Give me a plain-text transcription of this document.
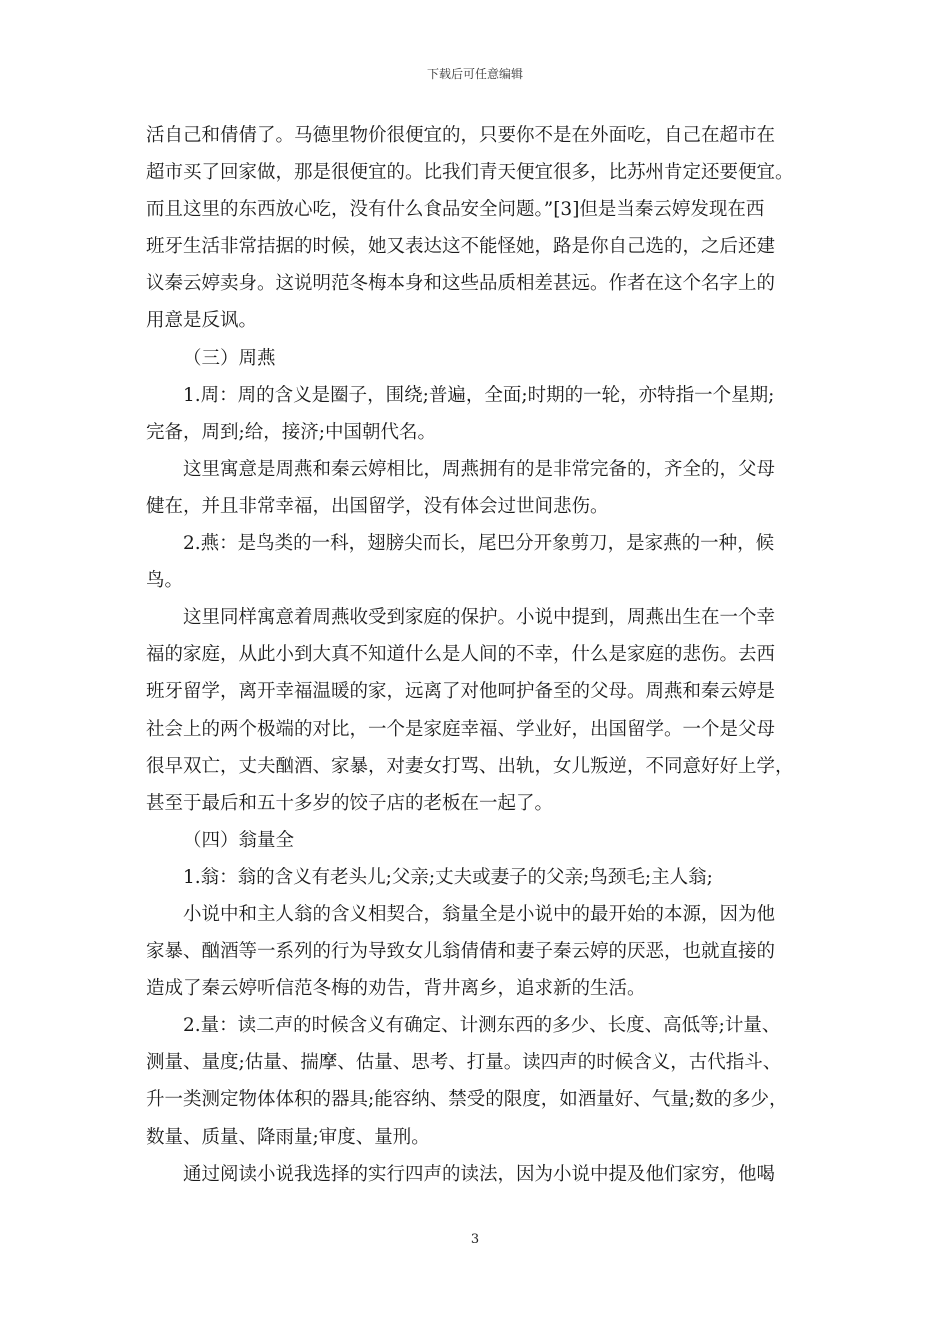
下载后可任意编辑
活自己和倩倩了。马德里物价很便宜的，只要你不是在外面吃，自己在超市在
超市买了回家做，那是很便宜的。比我们青天便宜很多，比苏州肯定还要便宜。
而且这里的东西放心吃，没有什么食品安全问题。”[3]但是当秦云婷发现在西
班牙生活非常拮据的时候，她又表达这不能怪她，路是你自己选的，之后还建
议秦云婷卖身。这说明范冬梅本身和这些品质相差甚远。作者在这个名字上的
用意是反讽。
（三）周燕
1.周：周的含义是圈子，围绕;普遍，全面;时期的一轮，亦特指一个星期;
完备，周到;给，接济;中国朝代名。
这里寓意是周燕和秦云婷相比，周燕拥有的是非常完备的，齐全的，父母
健在，并且非常幸福，出国留学，没有体会过世间悲伤。
2.燕：是鸟类的一科，翅膀尖而长，尾巴分开象剪刀，是家燕的一种，候
鸟。
这里同样寓意着周燕收受到家庭的保护。小说中提到，周燕出生在一个幸
福的家庭，从此小到大真不知道什么是人间的不幸，什么是家庭的悲伤。去西
班牙留学，离开幸福温暖的家，远离了对他呵护备至的父母。周燕和秦云婷是
社会上的两个极端的对比，一个是家庭幸福、学业好，出国留学。一个是父母
很早双亡，丈夫酗酒、家暴，对妻女打骂、出轨，女儿叛逆，不同意好好上学，
甚至于最后和五十多岁的饺子店的老板在一起了。
（四）翁量全
1.翁：翁的含义有老头儿;父亲;丈夫或妻子的父亲;鸟颈毛;主人翁;
小说中和主人翁的含义相契合，翁量全是小说中的最开始的本源，因为他
家暴、酗酒等一系列的行为导致女儿翁倩倩和妻子秦云婷的厌恶，也就直接的
造成了秦云婷听信范冬梅的劝告，背井离乡，追求新的生活。
2.量：读二声的时候含义有确定、计测东西的多少、长度、高低等;计量、
测量、量度;估量、揣摩、估量、思考、打量。读四声的时候含义，古代指斗、
升一类测定物体体积的器具;能容纳、禁受的限度，如酒量好、气量;数的多少，
数量、质量、降雨量;审度、量刑。
通过阅读小说我选择的实行四声的读法，因为小说中提及他们家穷，他喝
3
